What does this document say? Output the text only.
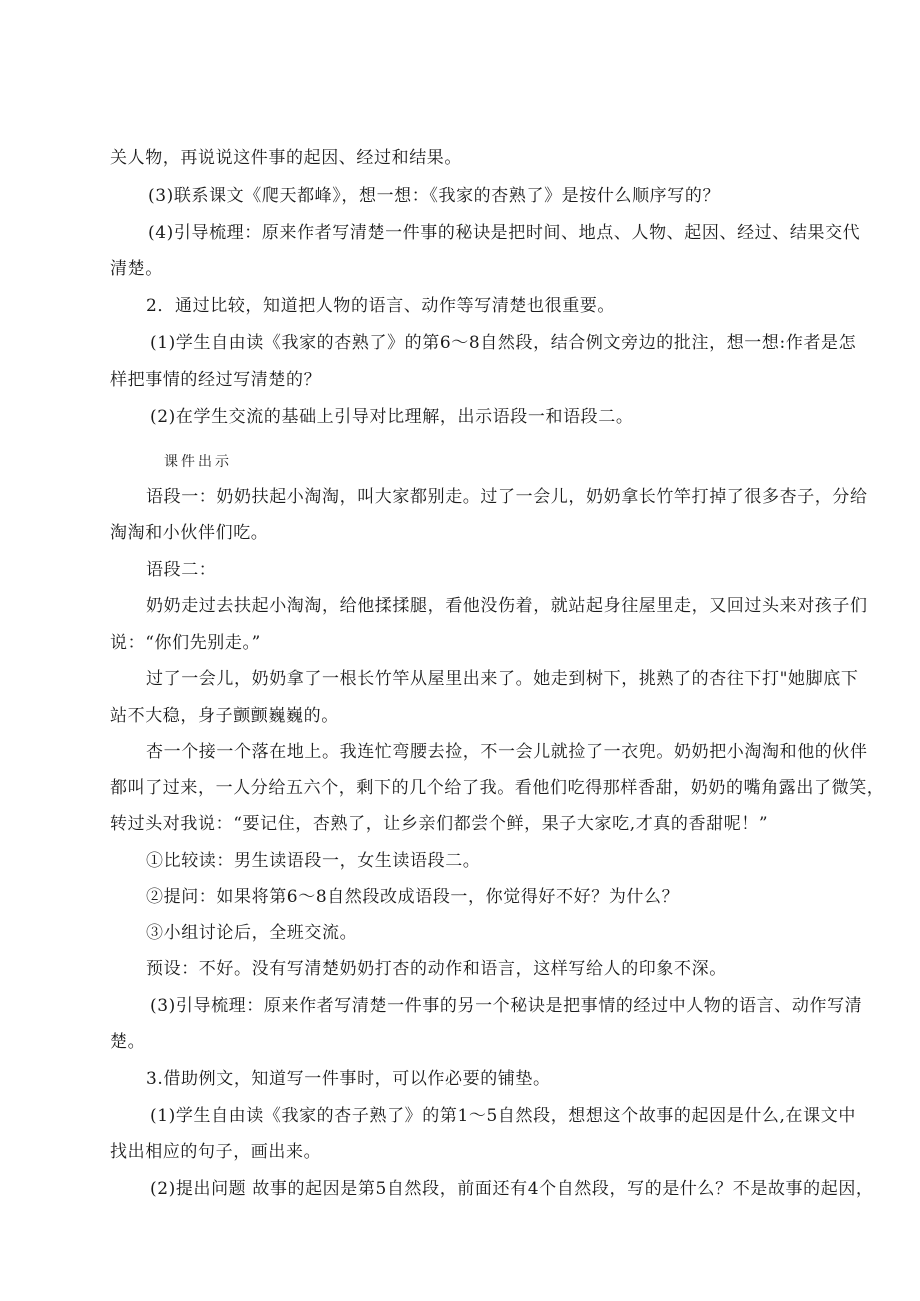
关人物，再说说这件事的起因、经过和结果。
(3)联系课文《爬天都峰》，想一想：《我家的杏熟了》是按什么顺序写的？
(4)引导梳理：原来作者写清楚一件事的秘诀是把时间、地点、人物、起因、经过、结果交代
清楚。
2．通过比较，知道把人物的语言、动作等写清楚也很重要。
(1)学生自由读《我家的杏熟了》的第6～8自然段，结合例文旁边的批注，想一想:作者是怎
样把事情的经过写清楚的？
(2)在学生交流的基础上引导对比理解，出示语段一和语段二。
课件出示
语段一：奶奶扶起小淘淘，叫大家都别走。过了一会儿，奶奶拿长竹竿打掉了很多杏子，分给
淘淘和小伙伴们吃。
语段二：
奶奶走过去扶起小淘淘，给他揉揉腿，看他没伤着，就站起身往屋里走，又回过头来对孩子们
说：“你们先别走。”
过了一会儿，奶奶拿了一根长竹竿从屋里出来了。她走到树下，挑熟了的杏往下打"她脚底下
站不大稳，身子颤颤巍巍的。
杏一个接一个落在地上。我连忙弯腰去捡，不一会儿就捡了一衣兜。奶奶把小淘淘和他的伙伴
都叫了过来，一人分给五六个，剩下的几个给了我。看他们吃得那样香甜，奶奶的嘴角露出了微笑，
转过头对我说：“要记住，杏熟了，让乡亲们都尝个鲜，果子大家吃,才真的香甜呢！”
①比较读：男生读语段一，女生读语段二。
②提问：如果将第6～8自然段改成语段一，你觉得好不好？为什么？
③小组讨论后，全班交流。
预设：不好。没有写清楚奶奶打杏的动作和语言，这样写给人的印象不深。
(3)引导梳理：原来作者写清楚一件事的另一个秘诀是把事情的经过中人物的语言、动作写清
楚。
3.借助例文，知道写一件事时，可以作必要的铺垫。
(1)学生自由读《我家的杏子熟了》的第1～5自然段，想想这个故事的起因是什么,在课文中
找出相应的句子，画出来。
(2)提出问题 故事的起因是第5自然段，前面还有4个自然段，写的是什么？不是故事的起因，
